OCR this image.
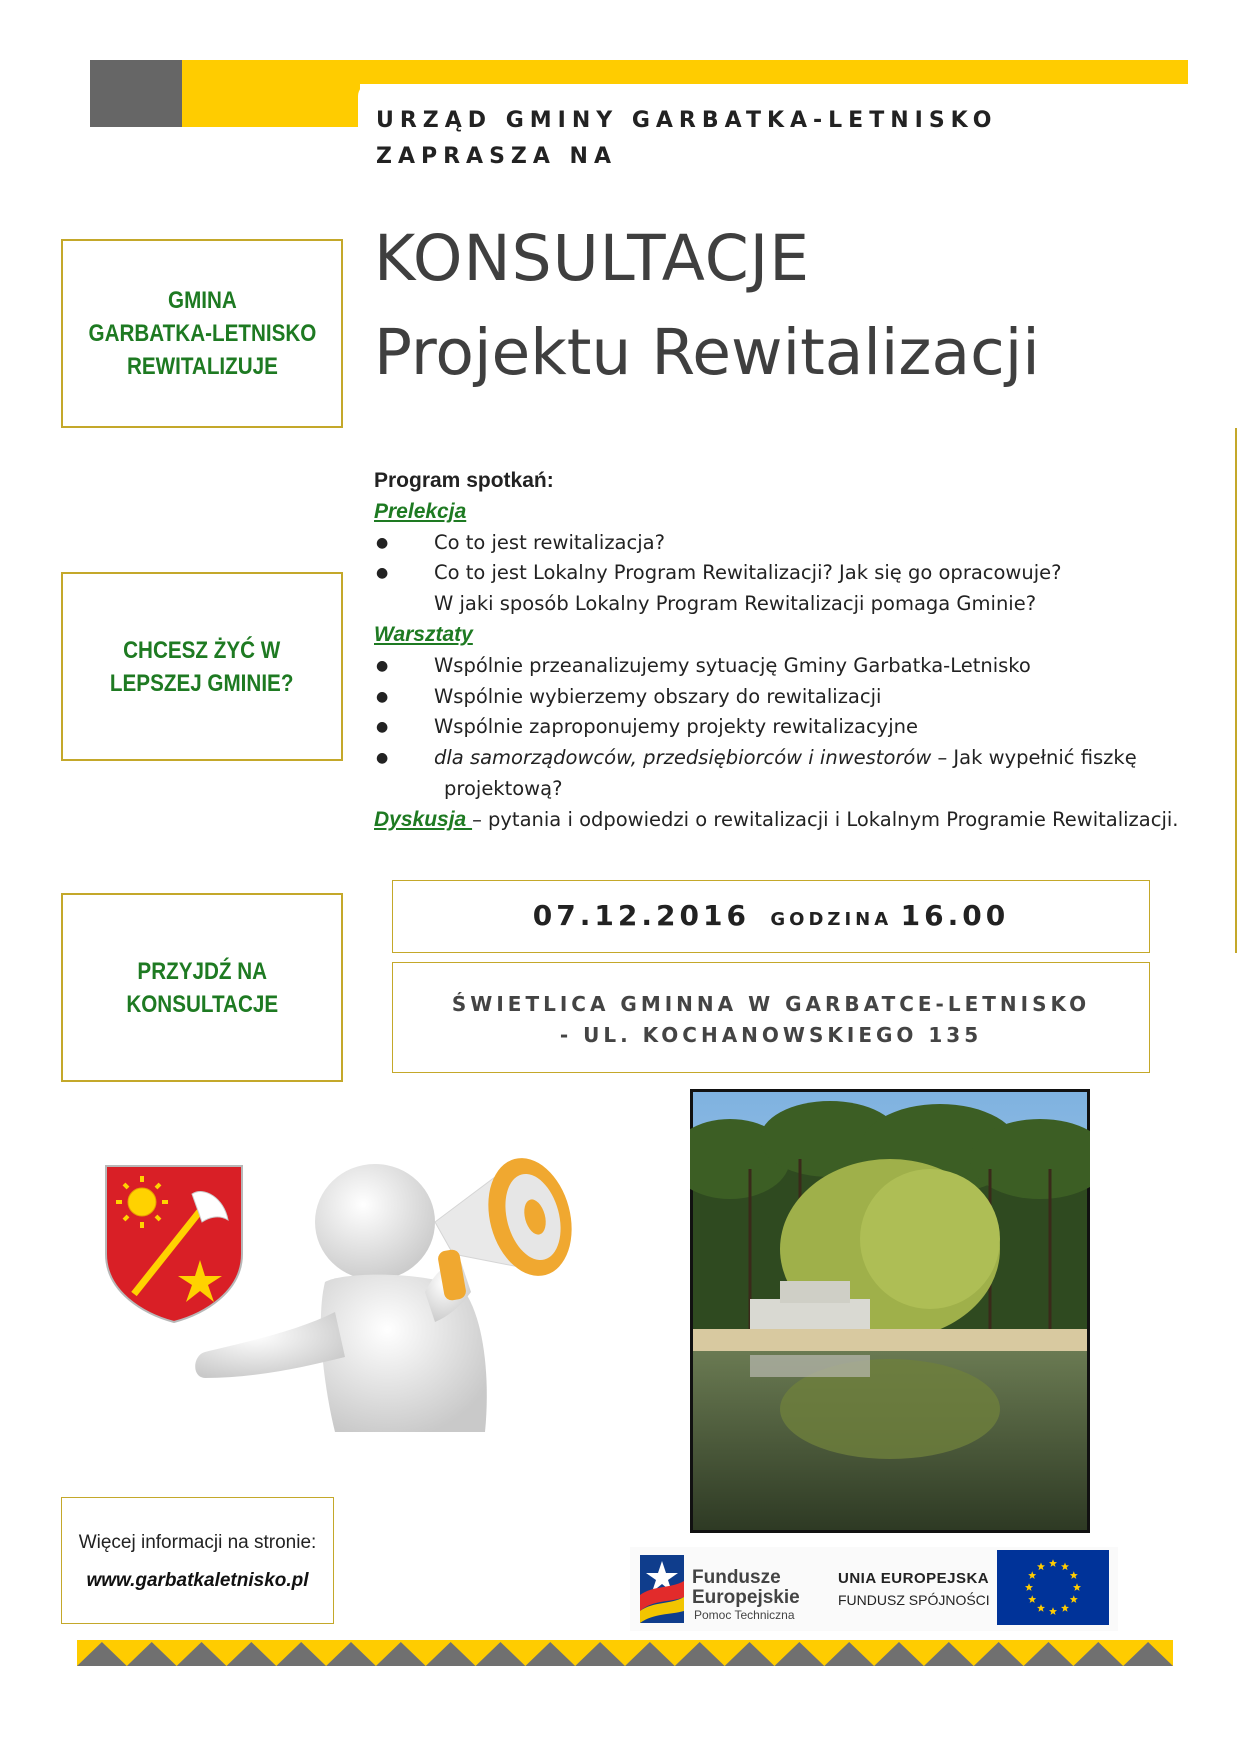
URZĄD GMINY GARBATKA-LETNISKO
ZAPRASZA NA
KONSULTACJE
Projektu Rewitalizacji
GMINA
GARBATKA-LETNISKO
REWITALIZUJE
CHCESZ ŻYĆ W
LEPSZEJ GMINIE?
PRZYJDŹ NA
KONSULTACJE
Program spotkań:
Prelekcja
● Co to jest rewitalizacja?
● Co to jest Lokalny Program Rewitalizacji? Jak się go opracowuje?
W jaki sposób Lokalny Program Rewitalizacji pomaga Gminie?
Warsztaty
● Wspólnie przeanalizujemy sytuację Gminy Garbatka-Letnisko
● Wspólnie wybierzemy obszary do rewitalizacji
● Wspólnie zaproponujemy projekty rewitalizacyjne
● dla samorządowców, przedsiębiorców i inwestorów – Jak wypełnić fiszkę
projektową?
Dyskusja – pytania i odpowiedzi o rewitalizacji i Lokalnym Programie Rewitalizacji.
07.12.2016 GODZINA 16.00
ŚWIETLICA GMINNA W GARBATCE-LETNISKO
- UL. KOCHANOWSKIEGO 135
Więcej informacji na stronie:
www.garbatkaletnisko.pl	Fundusze
Europejskie
Pomoc Techniczna
UNIA EUROPEJSKA
FUNDUSZ SPÓJNOŚCI
